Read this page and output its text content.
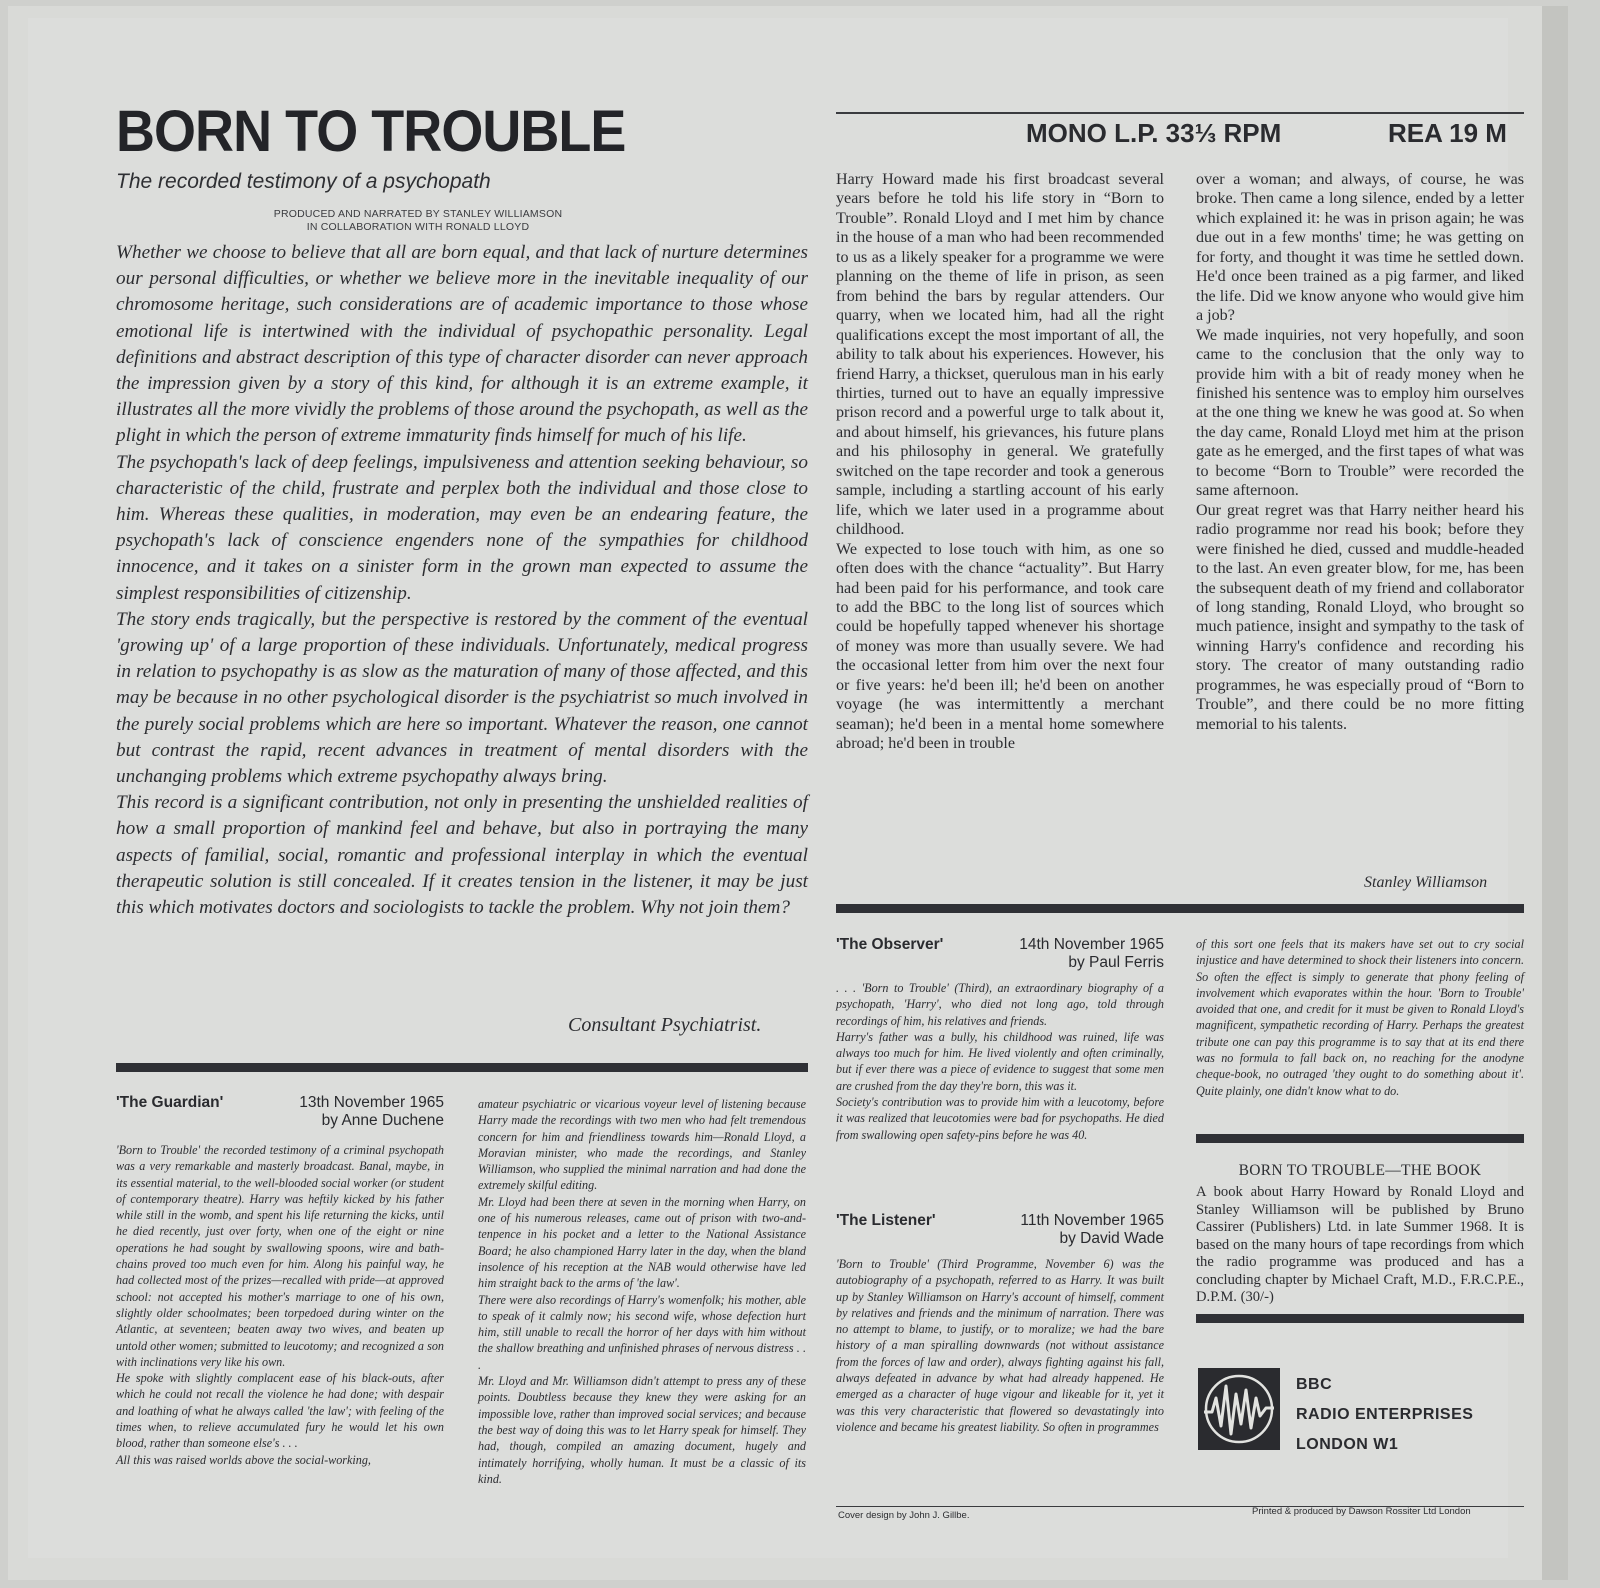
BORN TO TROUBLE
The recorded testimony of a psychopath
PRODUCED AND NARRATED BY STANLEY WILLIAMSON
IN COLLABORATION WITH RONALD LLOYD
MONO L.P. 33⅓ RPM	REA 19 M

Whether we choose to believe that all are born equal, and that lack of nurture determines our personal difficulties, or whether we believe more in the inevitable inequality of our chromosome heritage, such considerations are of academic importance to those whose emotional life is intertwined with the individual of psychopathic personality. Legal definitions and abstract description of this type of character disorder can never approach the impression given by a story of this kind, for although it is an extreme example, it illustrates all the more vividly the problems of those around the psychopath, as well as the plight in which the person of extreme immaturity finds himself for much of his life.

The psychopath's lack of deep feelings, impulsiveness and attention seeking behaviour, so characteristic of the child, frustrate and perplex both the individual and those close to him. Whereas these qualities, in moderation, may even be an endearing feature, the psychopath's lack of conscience engenders none of the sympathies for childhood innocence, and it takes on a sinister form in the grown man expected to assume the simplest responsibilities of citizenship.

The story ends tragically, but the perspective is restored by the comment of the eventual 'growing up' of a large proportion of these individuals. Unfortunately, medical progress in relation to psychopathy is as slow as the maturation of many of those affected, and this may be because in no other psychological disorder is the psychiatrist so much involved in the purely social problems which are here so important. Whatever the reason, one cannot but contrast the rapid, recent advances in treatment of mental disorders with the unchanging problems which extreme psychopathy always bring.

This record is a significant contribution, not only in presenting the unshielded realities of how a small proportion of mankind feel and behave, but also in portraying the many aspects of familial, social, romantic and professional interplay in which the eventual therapeutic solution is still concealed. If it creates tension in the listener, it may be just this which motivates doctors and sociologists to tackle the problem. Why not join them?

Consultant Psychiatrist.

Harry Howard made his first broadcast several years before he told his life story in “Born to Trouble”. Ronald Lloyd and I met him by chance in the house of a man who had been recommended to us as a likely speaker for a programme we were planning on the theme of life in prison, as seen from behind the bars by regular attenders. Our quarry, when we located him, had all the right qualifications except the most important of all, the ability to talk about his experiences. However, his friend Harry, a thickset, querulous man in his early thirties, turned out to have an equally impressive prison record and a powerful urge to talk about it, and about himself, his grievances, his future plans and his philosophy in general. We gratefully switched on the tape recorder and took a generous sample, including a startling account of his early life, which we later used in a programme about childhood.

We expected to lose touch with him, as one so often does with the chance “actuality”. But Harry had been paid for his performance, and took care to add the BBC to the long list of sources which could be hopefully tapped whenever his shortage of money was more than usually severe. We had the occasional letter from him over the next four or five years: he'd been ill; he'd been on another voyage (he was intermittently a merchant seaman); he'd been in a mental home somewhere abroad; he'd been in trouble

over a woman; and always, of course, he was broke. Then came a long silence, ended by a letter which explained it: he was in prison again; he was due out in a few months' time; he was getting on for forty, and thought it was time he settled down. He'd once been trained as a pig farmer, and liked the life. Did we know anyone who would give him a job?

We made inquiries, not very hopefully, and soon came to the conclusion that the only way to provide him with a bit of ready money when he finished his sentence was to employ him ourselves at the one thing we knew he was good at. So when the day came, Ronald Lloyd met him at the prison gate as he emerged, and the first tapes of what was to become “Born to Trouble” were recorded the same afternoon.

Our great regret was that Harry neither heard his radio programme nor read his book; before they were finished he died, cussed and muddle-headed to the last. An even greater blow, for me, has been the subsequent death of my friend and collaborator of long standing, Ronald Lloyd, who brought so much patience, insight and sympathy to the task of winning Harry's confidence and recording his story. The creator of many outstanding radio programmes, he was especially proud of “Born to Trouble”, and there could be no more fitting memorial to his talents.

Stanley Williamson
'The Guardian'	13th November 1965
by Anne Duchene

'Born to Trouble' the recorded testimony of a criminal psychopath was a very remarkable and masterly broadcast. Banal, maybe, in its essential material, to the well-blooded social worker (or student of contemporary theatre). Harry was heftily kicked by his father while still in the womb, and spent his life returning the kicks, until he died recently, just over forty, when one of the eight or nine operations he had sought by swallowing spoons, wire and bath-chains proved too much even for him. Along his painful way, he had collected most of the prizes—recalled with pride—at approved school: not accepted his mother's marriage to one of his own, slightly older schoolmates; been torpedoed during winter on the Atlantic, at seventeen; beaten away two wives, and beaten up untold other women; submitted to leucotomy; and recognized a son with inclinations very like his own.

He spoke with slightly complacent ease of his black-outs, after which he could not recall the violence he had done; with despair and loathing of what he always called 'the law'; with feeling of the times when, to relieve accumulated fury he would let his own blood, rather than someone else's . . .

All this was raised worlds above the social-working,

amateur psychiatric or vicarious voyeur level of listening because Harry made the recordings with two men who had felt tremendous concern for him and friendliness towards him—Ronald Lloyd, a Moravian minister, who made the recordings, and Stanley Williamson, who supplied the minimal narration and had done the extremely skilful editing.

Mr. Lloyd had been there at seven in the morning when Harry, on one of his numerous releases, came out of prison with two-and-tenpence in his pocket and a letter to the National Assistance Board; he also championed Harry later in the day, when the bland insolence of his reception at the NAB would otherwise have led him straight back to the arms of 'the law'.

There were also recordings of Harry's womenfolk; his mother, able to speak of it calmly now; his second wife, whose defection hurt him, still unable to recall the horror of her days with him without the shallow breathing and unfinished phrases of nervous distress . . .

Mr. Lloyd and Mr. Williamson didn't attempt to press any of these points. Doubtless because they knew they were asking for an impossible love, rather than improved social services; and because the best way of doing this was to let Harry speak for himself. They had, though, compiled an amazing document, hugely and intimately horrifying, wholly human. It must be a classic of its kind.

'The Observer'	14th November 1965
by Paul Ferris

. . . 'Born to Trouble' (Third), an extraordinary biography of a psychopath, 'Harry', who died not long ago, told through recordings of him, his relatives and friends.

Harry's father was a bully, his childhood was ruined, life was always too much for him. He lived violently and often criminally, but if ever there was a piece of evidence to suggest that some men are crushed from the day they're born, this was it.

Society's contribution was to provide him with a leucotomy, before it was realized that leucotomies were bad for psychopaths. He died from swallowing open safety-pins before he was 40.

of this sort one feels that its makers have set out to cry social injustice and have determined to shock their listeners into concern. So often the effect is simply to generate that phony feeling of involvement which evaporates within the hour. 'Born to Trouble' avoided that one, and credit for it must be given to Ronald Lloyd's magnificent, sympathetic recording of Harry. Perhaps the greatest tribute one can pay this programme is to say that at its end there was no formula to fall back on, no reaching for the anodyne cheque-book, no outraged 'they ought to do something about it'. Quite plainly, one didn't know what to do.

'The Listener'	11th November 1965
by David Wade

'Born to Trouble' (Third Programme, November 6) was the autobiography of a psychopath, referred to as Harry. It was built up by Stanley Williamson on Harry's account of himself, comment by relatives and friends and the minimum of narration. There was no attempt to blame, to justify, or to moralize; we had the bare history of a man spiralling downwards (not without assistance from the forces of law and order), always fighting against his fall, always defeated in advance by what had already happened. He emerged as a character of huge vigour and likeable for it, yet it was this very characteristic that flowered so devastatingly into violence and became his greatest liability. So often in programmes

BORN TO TROUBLE—THE BOOK
A book about Harry Howard by Ronald Lloyd and Stanley Williamson will be published by Bruno Cassirer (Publishers) Ltd. in late Summer 1968. It is based on the many hours of tape recordings from which the radio programme was produced and has a concluding chapter by Michael Craft, M.D., F.R.C.P.E., D.P.M. (30/-)
BBC
RADIO ENTERPRISES
LONDON W1
Cover design by John J. Gillbe.	Printed & produced by Dawson Rossiter Ltd London
